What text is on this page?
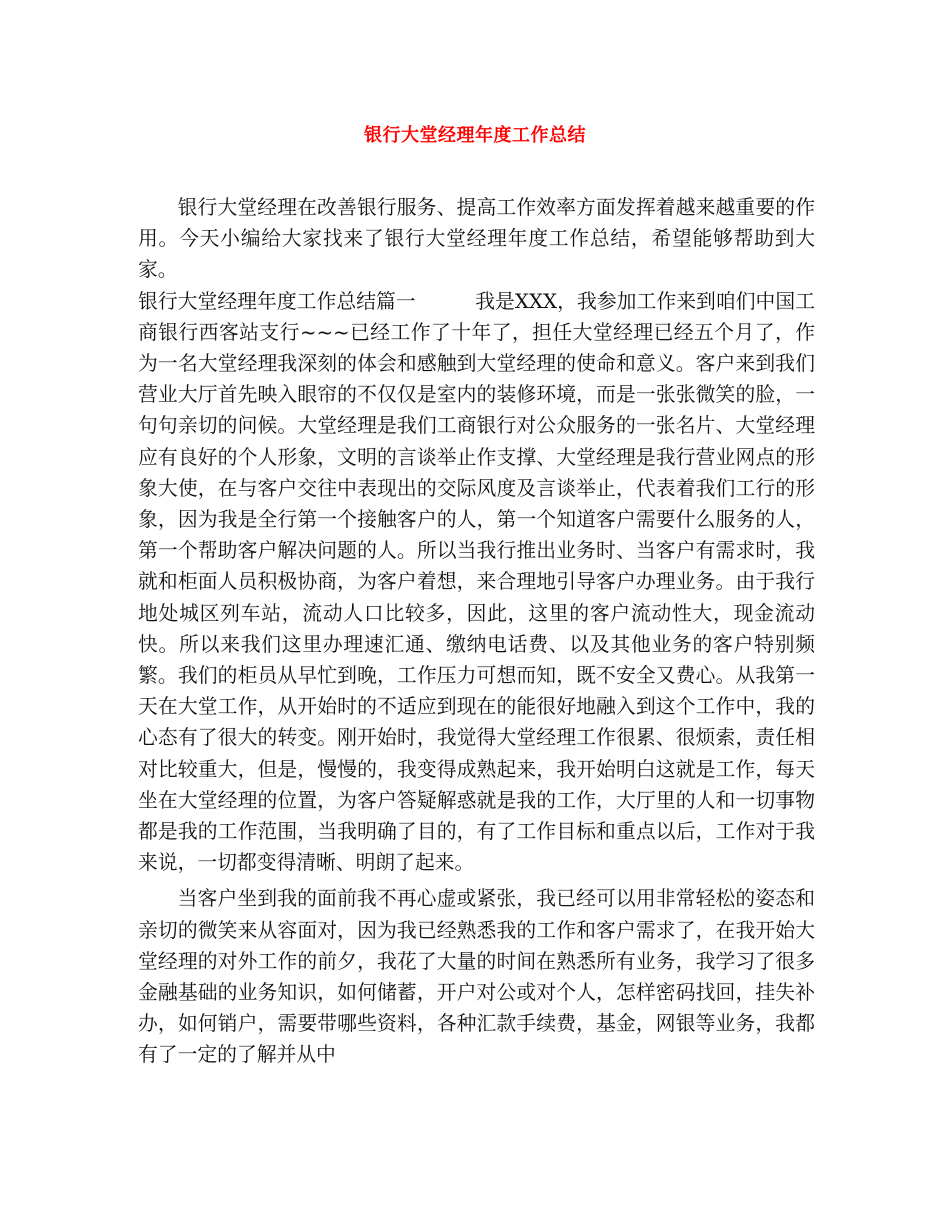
银行大堂经理年度工作总结

银行大堂经理在改善银行服务、提高工作效率方面发挥着越来越重要的作用。今天小编给大家找来了银行大堂经理年度工作总结，希望能够帮助到大家。

银行大堂经理年度工作总结篇一　　　我是XXX，我参加工作来到咱们中国工商银行西客站支行~~~已经工作了十年了，担任大堂经理已经五个月了，作为一名大堂经理我深刻的体会和感触到大堂经理的使命和意义。客户来到我们营业大厅首先映入眼帘的不仅仅是室内的装修环境，而是一张张微笑的脸，一句句亲切的问候。大堂经理是我们工商银行对公众服务的一张名片、大堂经理应有良好的个人形象，文明的言谈举止作支撑、大堂经理是我行营业网点的形象大使，在与客户交往中表现出的交际风度及言谈举止，代表着我们工行的形象，因为我是全行第一个接触客户的人，第一个知道客户需要什么服务的人，第一个帮助客户解决问题的人。所以当我行推出业务时、当客户有需求时，我就和柜面人员积极协商，为客户着想，来合理地引导客户办理业务。由于我行地处城区列车站，流动人口比较多，因此，这里的客户流动性大，现金流动快。所以来我们这里办理速汇通、缴纳电话费、以及其他业务的客户特别频繁。我们的柜员从早忙到晚，工作压力可想而知，既不安全又费心。从我第一天在大堂工作，从开始时的不适应到现在的能很好地融入到这个工作中，我的心态有了很大的转变。刚开始时，我觉得大堂经理工作很累、很烦索，责任相对比较重大，但是，慢慢的，我变得成熟起来，我开始明白这就是工作，每天坐在大堂经理的位置，为客户答疑解惑就是我的工作，大厅里的人和一切事物都是我的工作范围，当我明确了目的，有了工作目标和重点以后，工作对于我来说，一切都变得清晰、明朗了起来。

当客户坐到我的面前我不再心虚或紧张，我已经可以用非常轻松的姿态和亲切的微笑来从容面对，因为我已经熟悉我的工作和客户需求了，在我开始大堂经理的对外工作的前夕，我花了大量的时间在熟悉所有业务，我学习了很多金融基础的业务知识，如何储蓄，开户对公或对个人，怎样密码找回，挂失补办，如何销户，需要带哪些资料，各种汇款手续费，基金，网银等业务，我都有了一定的了解并从中
